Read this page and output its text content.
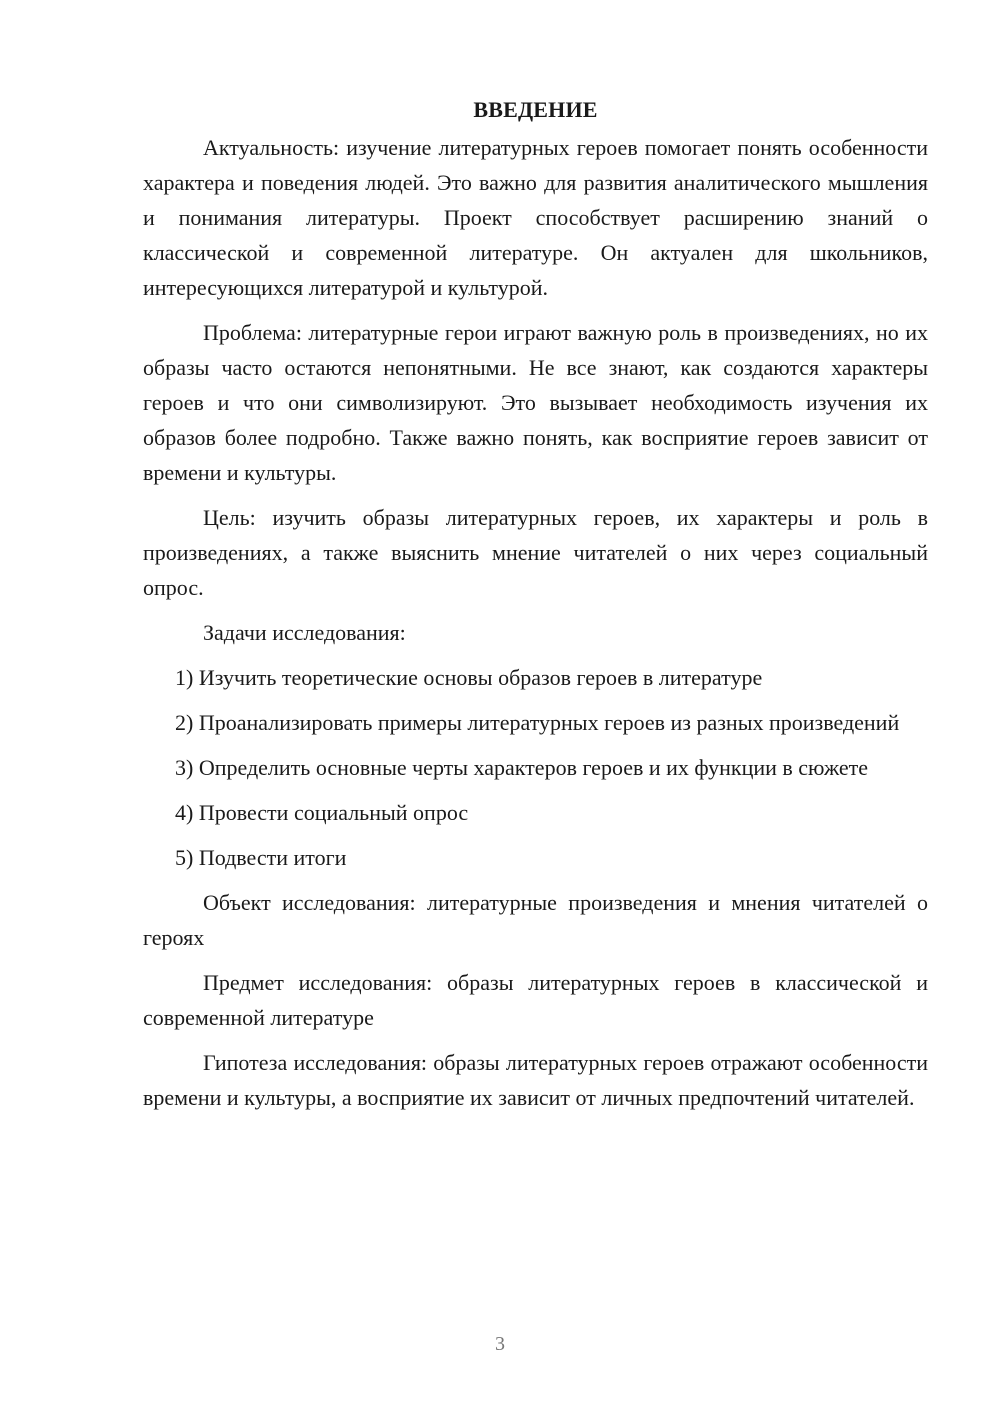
ВВЕДЕНИЕ

Актуальность: изучение литературных героев помогает понять особенности характера и поведения людей. Это важно для развития аналитического мышления и понимания литературы. Проект способствует расширению знаний о классической и современной литературе. Он актуален для школьников, интересующихся литературой и культурой.

Проблема: литературные герои играют важную роль в произведениях, но их образы часто остаются непонятными. Не все знают, как создаются характеры героев и что они символизируют. Это вызывает необходимость изучения их образов более подробно. Также важно понять, как восприятие героев зависит от времени и культуры.

Цель: изучить образы литературных героев, их характеры и роль в произведениях, а также выяснить мнение читателей о них через социальный опрос.

Задачи исследования:

1) Изучить теоретические основы образов героев в литературе

2) Проанализировать примеры литературных героев из разных произведений

3) Определить основные черты характеров героев и их функции в сюжете

4) Провести социальный опрос

5) Подвести итоги

Объект исследования: литературные произведения и мнения читателей о героях

Предмет исследования: образы литературных героев в классической и современной литературе

Гипотеза исследования: образы литературных героев отражают особенности времени и культуры, а восприятие их зависит от личных предпочтений читателей.

3
